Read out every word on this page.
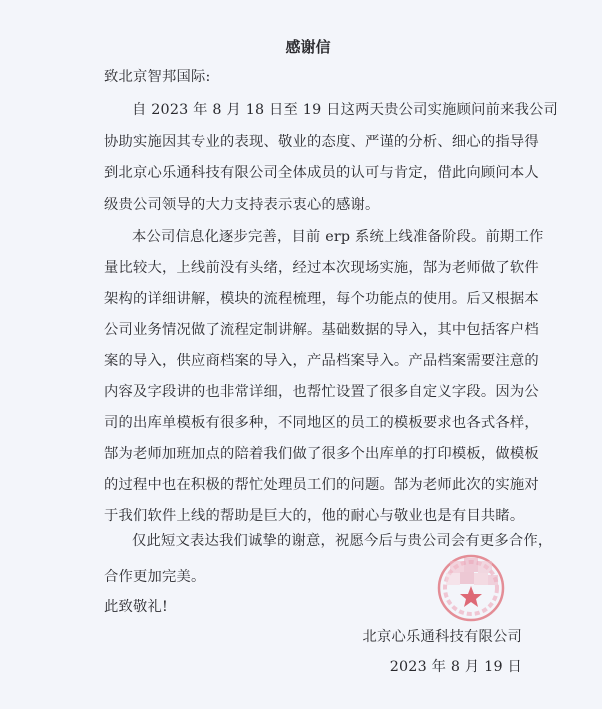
感谢信
致北京智邦国际:
自 2023 年 8 月 18 日至 19 日这两天贵公司实施顾问前来我公司
协助实施因其专业的表现、敬业的态度、严谨的分析、细心的指导得
到北京心乐通科技有限公司全体成员的认可与肯定，借此向顾问本人
级贵公司领导的大力支持表示衷心的感谢。
本公司信息化逐步完善，目前 erp 系统上线准备阶段。前期工作
量比较大，上线前没有头绪，经过本次现场实施，郜为老师做了软件
架构的详细讲解，模块的流程梳理，每个功能点的使用。后又根据本
公司业务情况做了流程定制讲解。基础数据的导入，其中包括客户档
案的导入，供应商档案的导入，产品档案导入。产品档案需要注意的
内容及字段讲的也非常详细，也帮忙设置了很多自定义字段。因为公
司的出库单模板有很多种，不同地区的员工的模板要求也各式各样，
郜为老师加班加点的陪着我们做了很多个出库单的打印模板，做模板
的过程中也在积极的帮忙处理员工们的问题。郜为老师此次的实施对
于我们软件上线的帮助是巨大的，他的耐心与敬业也是有目共睹。
仅此短文表达我们诚挚的谢意，祝愿今后与贵公司会有更多合作，
合作更加完美。
此致敬礼!
北京心乐通科技有限公司
2023 年 8 月 19 日
